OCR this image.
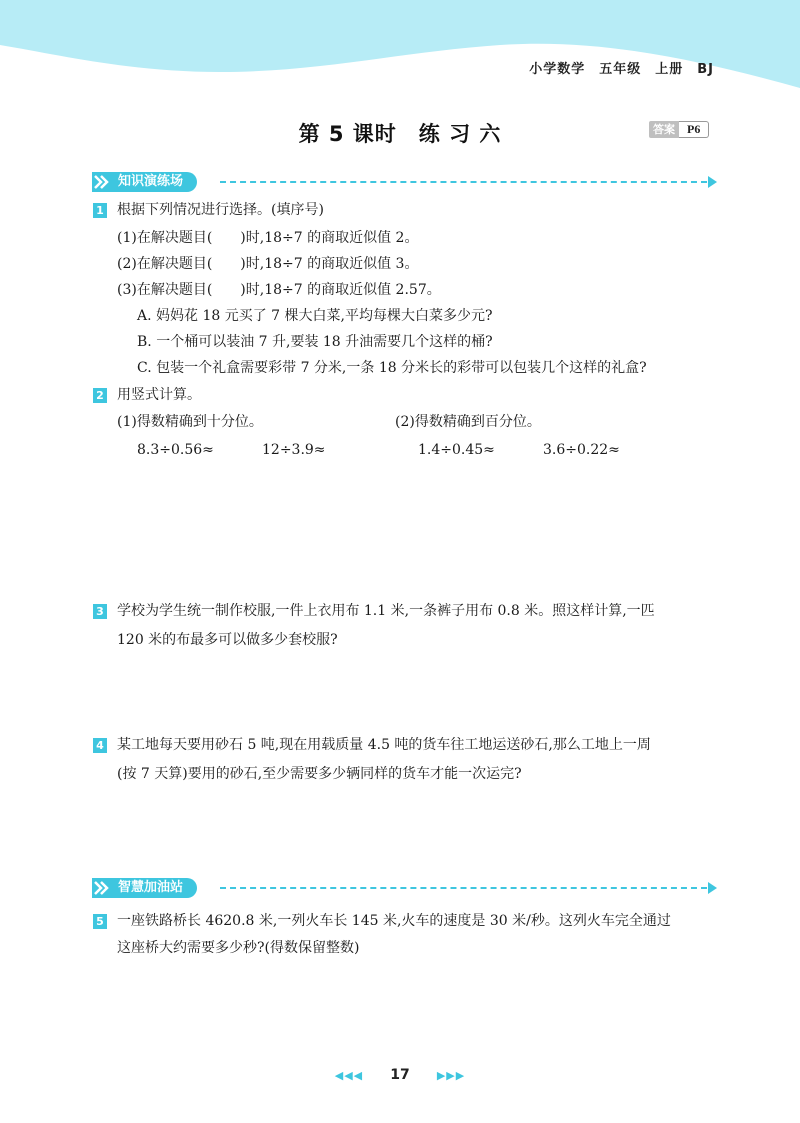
小学数学 五年级 上册 BJ
第 5 课时 练 习 六	答案	P6
知识演练场
1 根据下列情况进行选择。(填序号)
(1)在解决题目(　　)时,18÷7 的商取近似值 2。
(2)在解决题目(　　)时,18÷7 的商取近似值 3。
(3)在解决题目(　　)时,18÷7 的商取近似值 2.57。
A. 妈妈花 18 元买了 7 棵大白菜,平均每棵大白菜多少元?
B. 一个桶可以装油 7 升,要装 18 升油需要几个这样的桶?
C. 包装一个礼盒需要彩带 7 分米,一条 18 分米长的彩带可以包装几个这样的礼盒?
2 用竖式计算。
(1)得数精确到十分位。	(2)得数精确到百分位。
8.3÷0.56≈	12÷3.9≈	1.4÷0.45≈	3.6÷0.22≈
3 学校为学生统一制作校服,一件上衣用布 1.1 米,一条裤子用布 0.8 米。照这样计算,一匹
120 米的布最多可以做多少套校服?
4 某工地每天要用砂石 5 吨,现在用载质量 4.5 吨的货车往工地运送砂石,那么工地上一周
(按 7 天算)要用的砂石,至少需要多少辆同样的货车才能一次运完?
智慧加油站
5 一座铁路桥长 4620.8 米,一列火车长 145 米,火车的速度是 30 米/秒。这列火车完全通过
这座桥大约需要多少秒?(得数保留整数)
◀◀◀ 17 ▶▶▶
